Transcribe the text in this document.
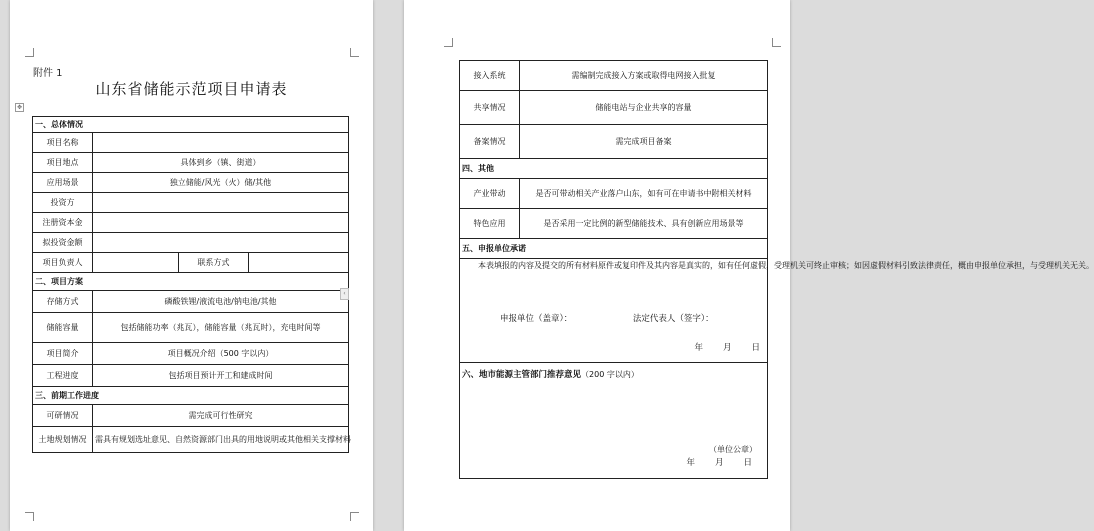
附件 1
山东省储能示范项目申请表
✥
一、总体情况			
项目名称			
项目地点	具体到乡（镇、街道）		
应用场景	独立储能/风光（火）储/其他		
投资方			
注册资本金			
拟投资金额			
项目负责人		联系方式	
二、项目方案			
存储方式	磷酸铁锂/液流电池/钠电池/其他		
储能容量	包括储能功率（兆瓦），储能容量（兆瓦时），充电时间等		
项目简介	项目概况介绍（500 字以内）		
工程进度	包括项目预计开工和建成时间		
三、前期工作进度			
可研情况	需完成可行性研究		
土地规划情况	需具有规划选址意见、自然资源部门出具的用地说明或其他相关支撑材料		
‹
接入系统	需编制完成接入方案或取得电网接入批复
共享情况	储能电站与企业共享的容量
备案情况	需完成项目备案
四、其他	
产业带动	是否可带动相关产业落户山东，如有可在申请书中附相关材料
特色应用	是否采用一定比例的新型储能技术、具有创新应用场景等
五、申报单位承诺	
本表填报的内容及提交的所有材料原件或复印件及其内容是真实的，如有任何虚假，受理机关可终止审核；如因虚假材料引致法律责任，概由申报单位承担，与受理机关无关。	
申报单位（盖章）： 法定代表人（签字）：	
年　　月　　日	
六、地市能源主管部门推荐意见（200 字以内）	

（单位公章）	
年　　月　　日	
